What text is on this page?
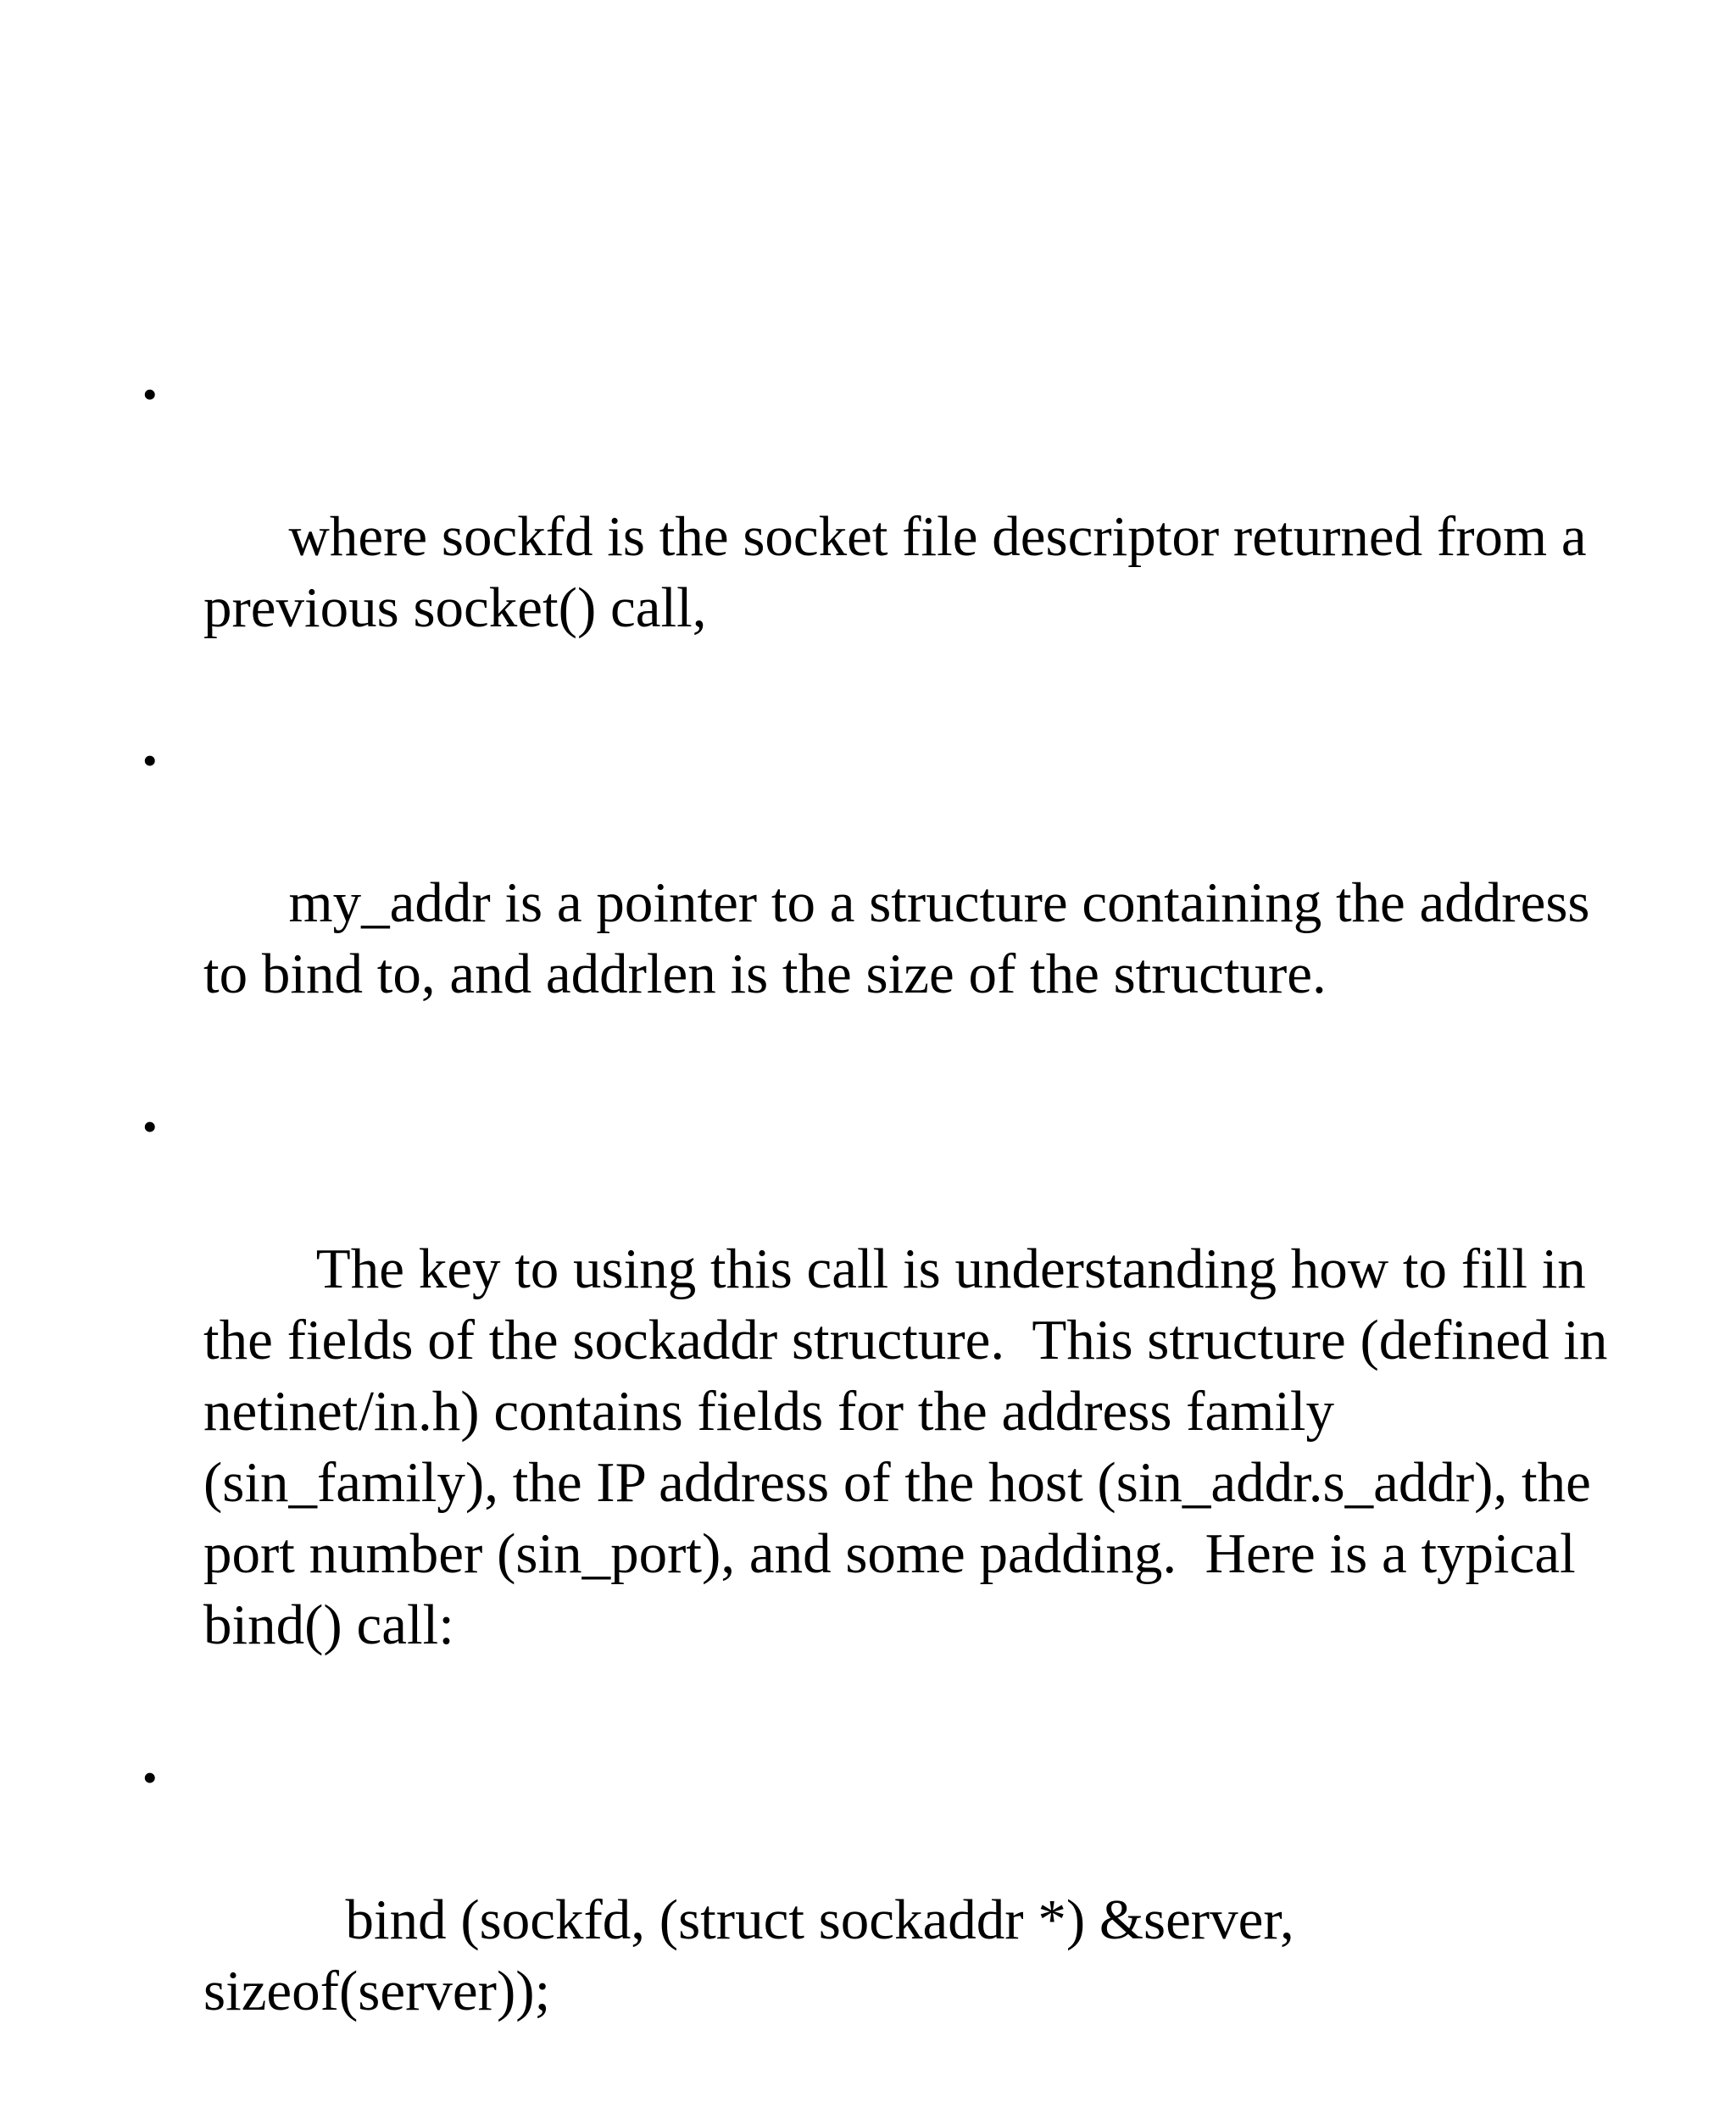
•

where sockfd is the socket file descriptor returned from a previous socket() call,

•

my_addr is a pointer to a structure containing the address to bind to, and addrlen is the size of the structure.

•

The key to using this call is understanding how to fill in the fields of the sockaddr structure.  This structure (defined in netinet/in.h) contains fields for the address family (sin_family), the IP address of the host (sin_addr.s_addr), the port number (sin_port), and some padding.  Here is a typical bind() call:

•

bind (sockfd, (struct sockaddr *) &server, sizeof(server));
